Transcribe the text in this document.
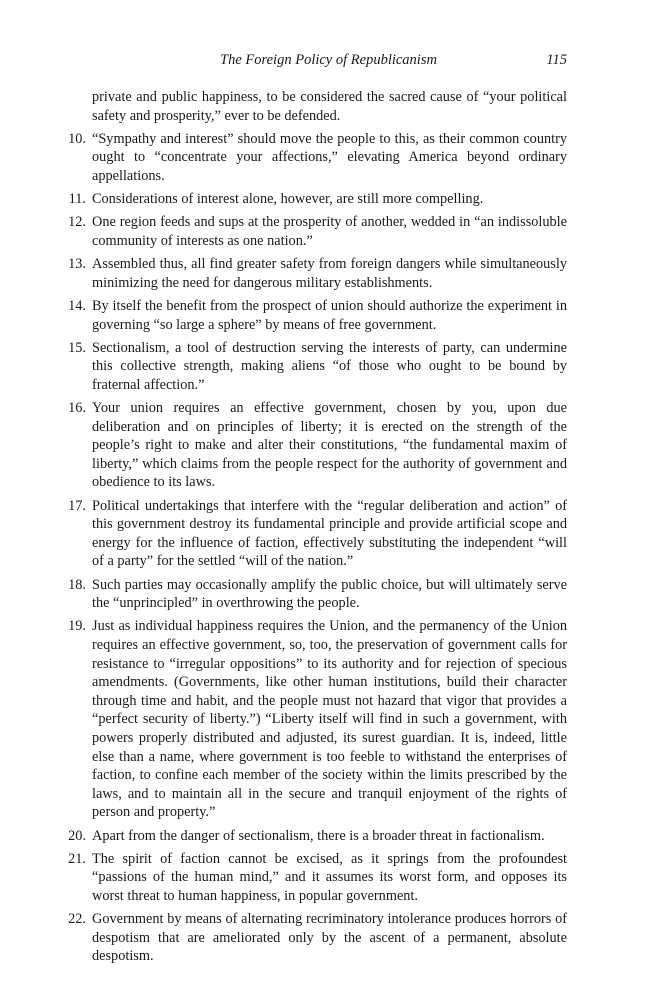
The Foreign Policy of Republicanism	115

private and public happiness, to be considered the sacred cause of “your political safety and prosperity,” ever to be defended.

10 . “Sympathy and interest” should move the people to this, as their common country ought to “concentrate your affections,” elevating America beyond ordinary appellations.

11 . Considerations of interest alone, however, are still more compelling.

12 . One region feeds and sups at the prosperity of another, wedded in “an indissoluble community of interests as one nation.”

13 . Assembled thus, all find greater safety from foreign dangers while simultaneously minimizing the need for dangerous military establishments.

14 . By itself the benefit from the prospect of union should authorize the experiment in governing “so large a sphere” by means of free government.

15 . Sectionalism, a tool of destruction serving the interests of party, can undermine this collective strength, making aliens “of those who ought to be bound by fraternal affection.”

16 . Your union requires an effective government, chosen by you, upon due deliberation and on principles of liberty; it is erected on the strength of the people’s right to make and alter their constitutions, “the fundamental maxim of liberty,” which claims from the people respect for the authority of government and obedience to its laws.

17 . Political undertakings that interfere with the “regular deliberation and action” of this government destroy its fundamental principle and provide artificial scope and energy for the influence of faction, effectively substituting the independent “will of a party” for the settled “will of the nation.”

18 . Such parties may occasionally amplify the public choice, but will ultimately serve the “unprincipled” in overthrowing the people.

19 . Just as individual happiness requires the Union, and the permanency of the Union requires an effective government, so, too, the preservation of government calls for resistance to “irregular oppositions” to its authority and for rejection of specious amendments. (Governments, like other human institutions, build their character through time and habit, and the people must not hazard that vigor that provides a “perfect security of liberty.”) “Liberty itself will find in such a government, with powers properly distributed and adjusted, its surest guardian. It is, indeed, little else than a name, where government is too feeble to withstand the enterprises of faction, to confine each member of the society within the limits prescribed by the laws, and to maintain all in the secure and tranquil enjoyment of the rights of person and property.”

20 . Apart from the danger of sectionalism, there is a broader threat in factionalism.

21 . The spirit of faction cannot be excised, as it springs from the profoundest “passions of the human mind,” and it assumes its worst form, and opposes its worst threat to human happiness, in popular government.

22 . Government by means of alternating recriminatory intolerance produces horrors of despotism that are ameliorated only by the ascent of a permanent, absolute despotism.
